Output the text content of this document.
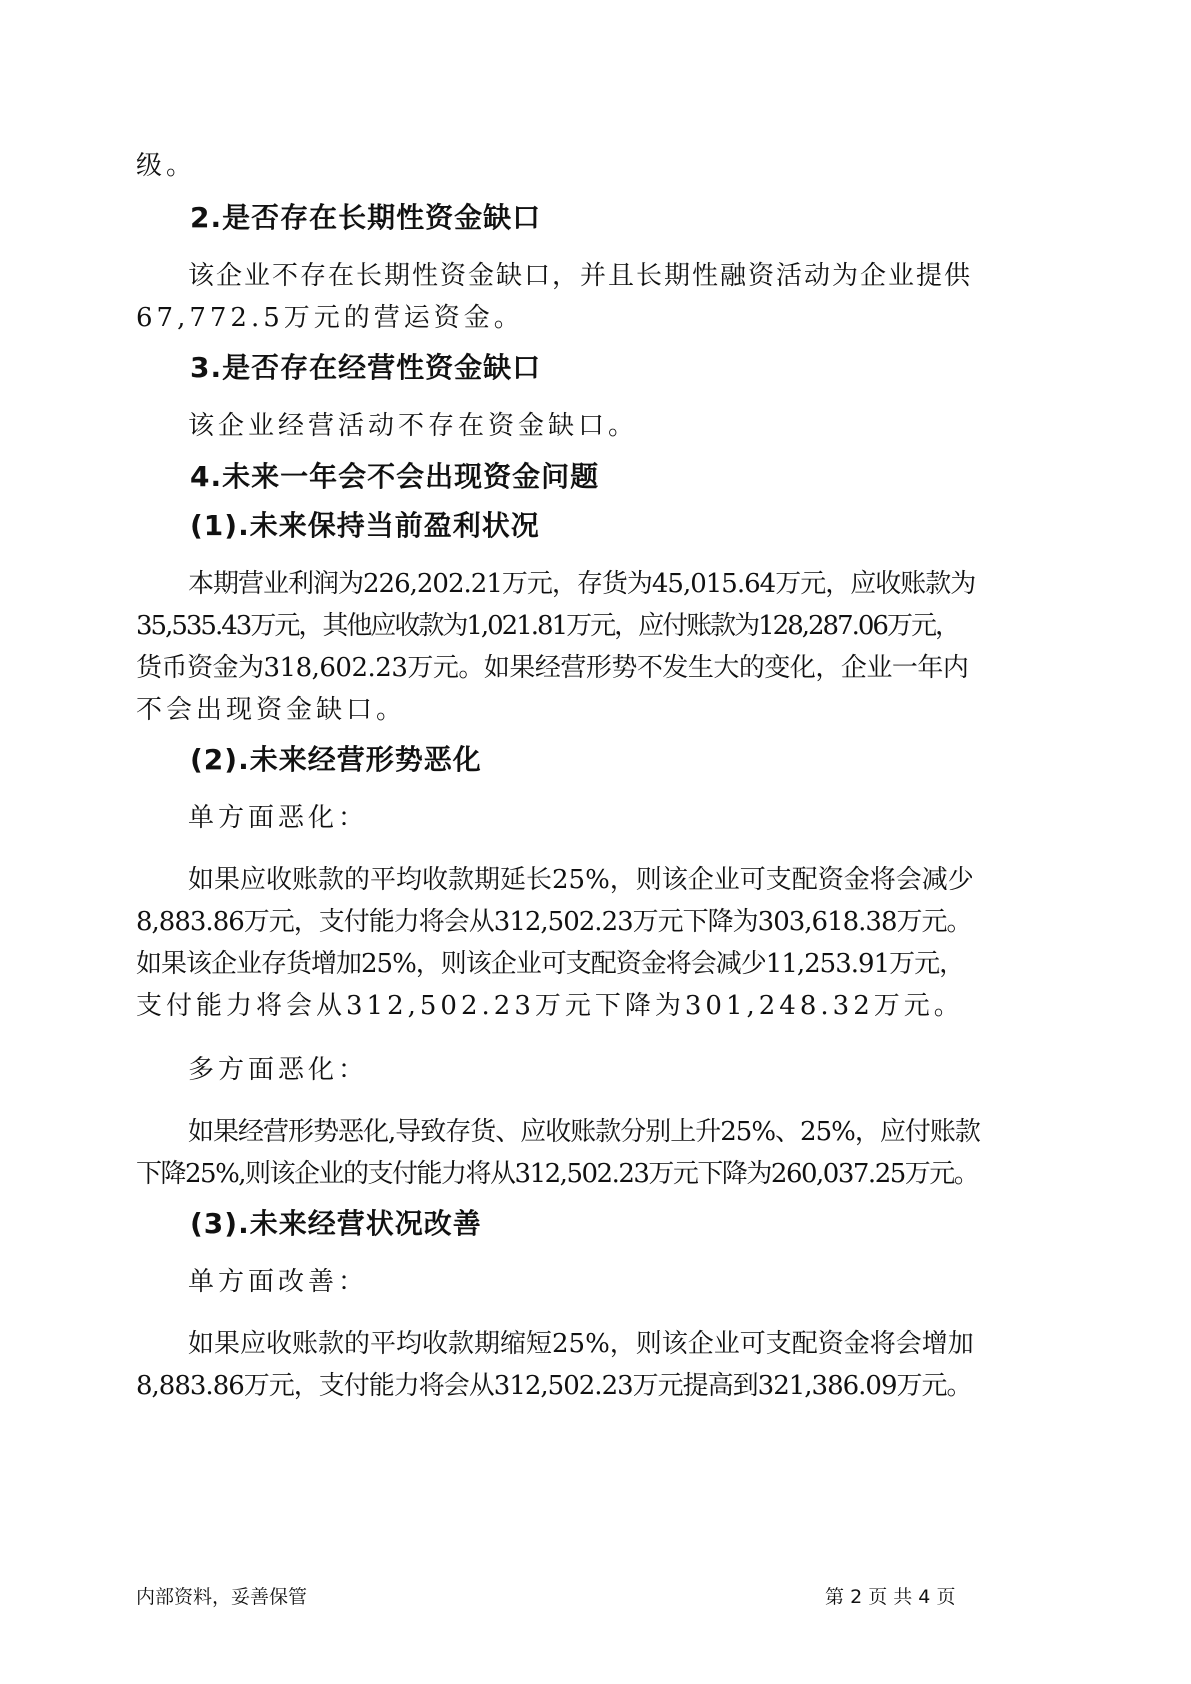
级。
2.是否存在长期性资金缺口
该企业不存在长期性资金缺口，并且长期性融资活动为企业提供
67,772.5万元的营运资金。
3.是否存在经营性资金缺口
该企业经营活动不存在资金缺口。
4.未来一年会不会出现资金问题
(1).未来保持当前盈利状况
本期营业利润为226,202.21万元，存货为45,015.64万元，应收账款为
35,535.43万元，其他应收款为1,021.81万元，应付账款为128,287.06万元，
货币资金为318,602.23万元。如果经营形势不发生大的变化，企业一年内
不会出现资金缺口。
(2).未来经营形势恶化
单方面恶化：
如果应收账款的平均收款期延长25%，则该企业可支配资金将会减少
8,883.86万元，支付能力将会从312,502.23万元下降为303,618.38万元。
如果该企业存货增加25%，则该企业可支配资金将会减少11,253.91万元，
支付能力将会从312,502.23万元下降为301,248.32万元。
多方面恶化：
如果经营形势恶化,导致存货、应收账款分别上升25%、25%，应付账款
下降25%,则该企业的支付能力将从312,502.23万元下降为260,037.25万元。
(3).未来经营状况改善
单方面改善：
如果应收账款的平均收款期缩短25%，则该企业可支配资金将会增加
8,883.86万元，支付能力将会从312,502.23万元提高到321,386.09万元。
内部资料，妥善保管	第 2 页 共 4 页
